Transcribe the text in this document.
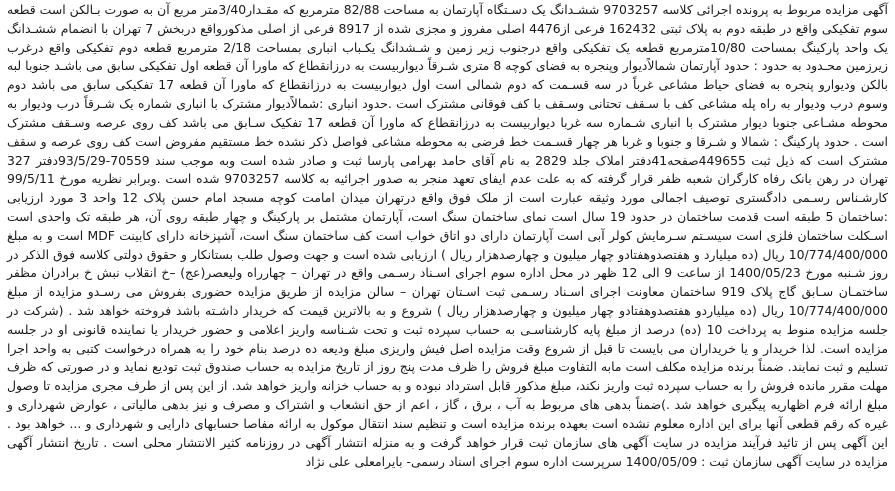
آگهی مزایده مربوط به پرونده اجرائی کلاسه 9703257 ششـدانگ یک دسـتگاه آپارتمان به مساحت 82/88 مترمربع که مقـدار3/40متر مربع آن به صورت بـالکن است قطعه سوم تفکیکی واقع در طبقه دوم به پلاک ثبتی 162432 فرعی از4476 اصلی مفروز و مجزی شده از 8917 فرعی از اصلی مذکورواقع دربخش 7 تهران با انضمام ششـدانگ یک واحد پارکینگ بمساحت 10/80مترمربع قطعه یک تفکیکی واقع درجنوب زیر زمین و شـشدانگ یکـباب انباری بمساحت 2/18 مترمربع قطعه دوم تفکیکی واقع درغرب زیرزمین محـدود به حدود : حدود آپارتمان شمالاًدیوار وپنجره به فضای کوچه 8 متری شـرقاً دیواربیست به درزانقطاع که ماورا آن قطعه اول تفکیکی سابق می باشـد جنوبا لبه بالکن ودیوارو پنجره به فضای حیاط مشاعی غرباً در سه قسـمت که دوم شمالی است اول دیواربیست به درزانقطاع که ماورا آن قطعه 17 تفکیکی سابق می باشد دوم وسوم درب ودیوار به راه پله مشاعی کف با سـقف تحتانی وسـقف با کف فوقانی مشترک است .حدود انباری :شمالاًدیوار مشترک با انباری شماره یک شـرقاً درب ودیوار به محوطه مشـاعی جنوبا دیوار مشترک با انباری شـماره سه غربا دیواربیست به درزانقطاع که ماورا آن قطعه 17 تفکیک سـابق می باشد کف روی عرصه وسـقف مشترک است . حدود پارکینگ : شمالا و شـرقا و جنوبا و غربا هر چهار قسـمت خط فرضی به محوطه مشاعی فواصل ذکر نشده خط مستقیم مفروض است کف روی عرصه و سقف مشترک است که ذیل ثبت 449655صفحه41دفتر املاک جلد 2829 به نام آقای حامد بهرامی پارسا ثبت و صادر شده است وبه موجب سند 70559-93/5/29دفتر 327 تهران در رهن بانک رفاه کارگران شعبه ظفر قرار گرفته که به علت عدم ایفای تعهد منجر به صدور اجرائیه به کلاسه 9703257 شده است .وبرابر نظریه مورخ 99/5/11 کارشـناس رسـمی دادگستری توصیف اجمالی مورد وثیقه عبارت است از ملک فوق واقع درتهران میدان امامت کوچه مسجد امام حسن پلاک 12 واحد 3 مورد ارزیابی :ساختمان 5 طبقه است قدمت ساختمان در حدود 19 سال است نمای ساختمان سنگ است، آپارتمان مشتمل بر پارکینگ و چهار طبقه روی آن، هر طبقه تک واحدی است اسـکلت ساختمان فلزی است سیسـتم سـرمایش کولر آبی است آپارتمان دارای دو اتاق خواب است کف ساختمان سنگ است، آشپزخانه دارای کابینت MDF است و به مبلغ 10/774/400/000 ریال (ده میلیارد و هفتصدوهفتادو چهار میلیون و چهارصدهزار ریال ) ارزیابی شده است و جهت وصول طلب بستانکار و حقوق دولتی کلاسه فوق الذکر در روز شـنبه مورخ 1400/05/23 از ساعت 9 الی 12 ظهر در محل اداره سوم اجرای اسـناد رسـمی واقع در تهران – چهارراه ولیعصر(عج) –خ انقلاب نبش خ برادران مظفر ساختمـان سـابق گاج پلاک 919 ساختمان معاونت اجرای اسـناد رسـمی ثبت اسـتان تهران – سالن مزایده از طریق مزایده حضوری بفروش می رسـدو مزایده از مبلغ 10/774/400/000 ریال (ده میلیاردو هفتصدوهفتادو چهار میلیون و چهارصدهزار ریال ) شروع و به بالاترین قیمت که خریدار داشـته باشد فروخته خواهد شد . (شرکت در جلسه مزایده منوط به پرداخت 10 (ده) درصد از مبلغ پایه کارشناسـی به حساب سپرده ثبت و تحت شـناسه واریز اعلامی و حضور خریدار یا نماینده قانونی او در جلسه مزایده است. لذا خریدار و یا خریداران می بایست تا قبل از شروع وقت مزایده اصل فیش واریزی مبلغ ودیعه ده درصد بنام خود را به همراه درخواست کتبی به واحد اجرا تسلیم و ثبت نمایند. ضمناً برنده مزایده مکلف است مابه التفاوت مبلغ فروش را ظرف مدت پنج روز از تاریخ مزایده به حساب صندوق ثبت تودیع نماید و در صورتی که ظرف مهلت مقرر مانده فروش را به حساب سپرده ثبت واریز نکند، مبلغ مذکور قابل استرداد نبوده و به حساب خزانه واریز خواهد شد. از این پس از طرف مجری مزایده تا وصول مبلغ ارائه فرم اظهاریه پیگیری خواهد شد .)ضمناً بدهی های مربوط به آب ، برق ، گاز ، اعم از حق انشعاب و اشتراک و مصرف و نیز بدهی مالیاتی ، عوارض شهرداری و غیره که رقم قطعی آنها برای این اداره معلوم نشده است بعهده برنده مزایده است و تنظیم سند انتقال موکول به ارائه مفاصا حسابهای دارایی و شهرداری و ... خواهد بود . این آگهی پس از تائید فرآیند مزایده در سایت آگهی های سازمان ثبت قرار خواهد گرفت و به منزله انتشار آگهی در روزنامه کثیر الانتشار محلی است . تاریخ انتشار آگهی مزایده در سایت آگهی سازمان ثبت : 1400/05/09 سرپرست اداره سوم اجرای اسناد رسمی- بایرامعلی علی نژاد
